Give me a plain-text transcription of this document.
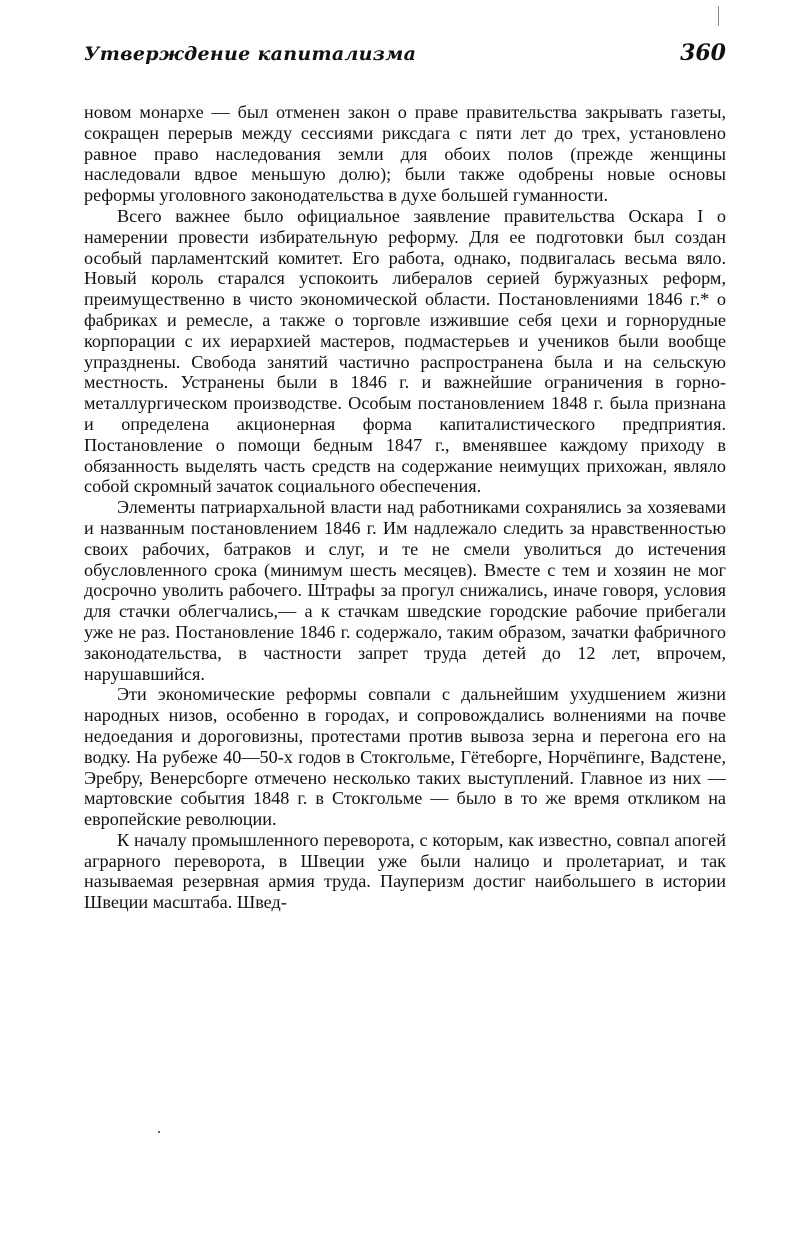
Утверждение капитализма	360

новом монархе — был отменен закон о праве правительства закрывать газеты, сокращен перерыв между сессиями риксдага с пяти лет до трех, установлено равное право наследования земли для обоих полов (прежде женщины наследовали вдвое меньшую долю); были также одобрены новые основы реформы уголовного законодательства в духе большей гуманности.

Всего важнее было официальное заявление правительства Оскара I о намерении провести избирательную реформу. Для ее подготовки был создан особый парламентский комитет. Его работа, однако, подвигалась весьма вяло. Новый король старался успокоить либералов серией буржуазных реформ, преимущественно в чисто экономической области. Постановлениями 1846 г.* о фабриках и ремесле, а также о торговле изжившие себя цехи и горнорудные корпорации с их иерархией мастеров, подмастерьев и учеников были вообще упразднены. Свобода занятий частично распространена была и на сельскую местность. Устранены были в 1846 г. и важнейшие ограничения в горно-металлургическом производстве. Особым постановлением 1848 г. была признана и определена акционерная форма капиталистического предприятия. Постановление о помощи бедным 1847 г., вменявшее каждому приходу в обязанность выделять часть средств на содержание неимущих прихожан, являло собой скромный зачаток социального обеспечения.

Элементы патриархальной власти над работниками сохранялись за хозяевами и названным постановлением 1846 г. Им надлежало следить за нравственностью своих рабочих, батраков и слуг, и те не смели уволиться до истечения обусловленного срока (минимум шесть месяцев). Вместе с тем и хозяин не мог досрочно уволить рабочего. Штрафы за прогул снижались, иначе говоря, условия для стачки облегчались,— а к стачкам шведские городские рабочие прибегали уже не раз. Постановление 1846 г. содержало, таким образом, зачатки фабричного законодательства, в частности запрет труда детей до 12 лет, впрочем, нарушавшийся.

Эти экономические реформы совпали с дальнейшим ухудшением жизни народных низов, особенно в городах, и сопровождались волнениями на почве недоедания и дороговизны, протестами против вывоза зерна и перегона его на водку. На рубеже 40—50-х годов в Стокгольме, Гётеборге, Норчёпинге, Вадстене, Эребру, Венерсборге отмечено несколько таких выступлений. Главное из них — мартовские события 1848 г. в Стокгольме — было в то же время откликом на европейские революции.

К началу промышленного переворота, с которым, как известно, совпал апогей аграрного переворота, в Швеции уже были налицо и пролетариат, и так называемая резервная армия труда. Пауперизм достиг наибольшего в истории Швеции масштаба. Швед-
